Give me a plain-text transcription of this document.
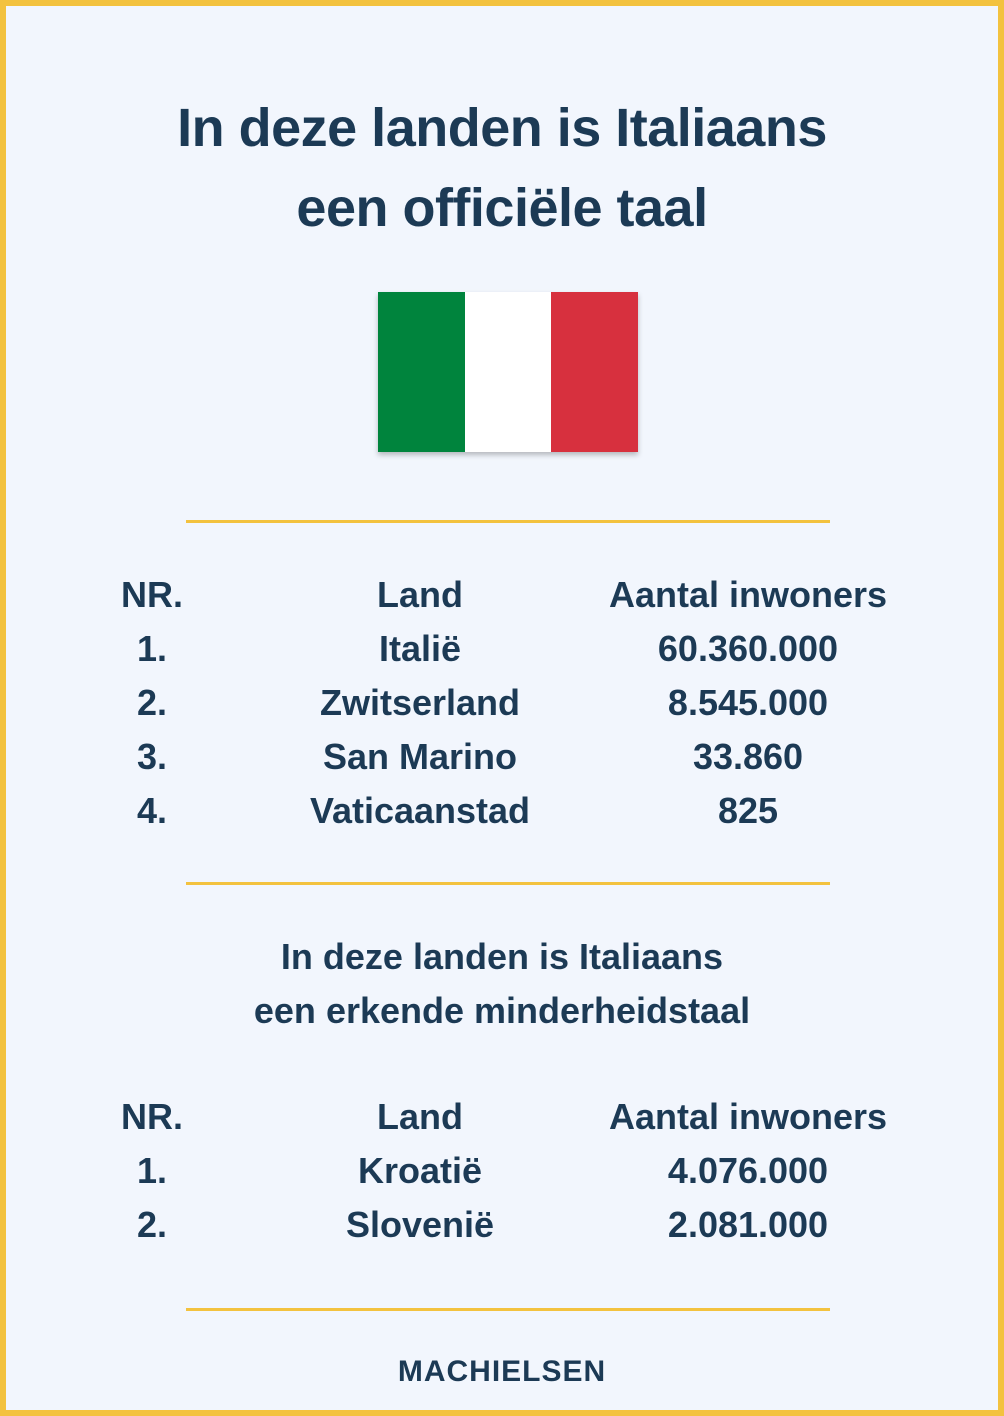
In deze landen is Italiaans
een officiële taal
NR.	Land	Aantal inwoners
1.	Italië	60.360.000
2.	Zwitserland	8.545.000
3.	San Marino	33.860
4.	Vaticaanstad	825
In deze landen is Italiaans
een erkende minderheidstaal
NR.	Land	Aantal inwoners
1.	Kroatië	4.076.000
2.	Slovenië	2.081.000
MACHIELSEN
